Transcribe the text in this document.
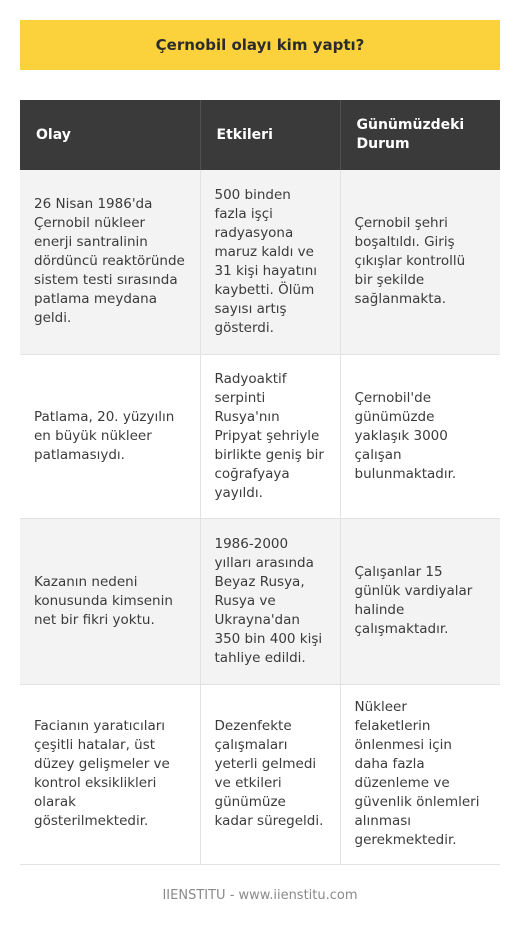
Çernobil olayı kim yaptı?
Olay	Etkileri	Günümüzdeki Durum
26 Nisan 1986'da Çernobil nükleer enerji santralinin dördüncü reaktöründe sistem testi sırasında patlama meydana geldi.	500 binden fazla işçi radyasyona maruz kaldı ve 31 kişi hayatını kaybetti. Ölüm sayısı artış gösterdi.	Çernobil şehri boşaltıldı. Giriş çıkışlar kontrollü bir şekilde sağlanmakta.
Patlama, 20. yüzyılın en büyük nükleer patlamasıydı.	Radyoaktif serpinti Rusya'nın Pripyat şehriyle birlikte geniş bir coğrafyaya yayıldı.	Çernobil'de günümüzde yaklaşık 3000 çalışan bulunmaktadır.
Kazanın nedeni konusunda kimsenin net bir fikri yoktu.	1986-2000 yılları arasında Beyaz Rusya, Rusya ve Ukrayna'dan 350 bin 400 kişi tahliye edildi.	Çalışanlar 15 günlük vardiyalar halinde çalışmaktadır.
Facianın yaratıcıları çeşitli hatalar, üst düzey gelişmeler ve kontrol eksiklikleri olarak gösterilmektedir.	Dezenfekte çalışmaları yeterli gelmedi ve etkileri günümüze kadar süregeldi.	Nükleer felaketlerin önlenmesi için daha fazla düzenleme ve güvenlik önlemleri alınması gerekmektedir.
IIENSTITU - www.iienstitu.com
